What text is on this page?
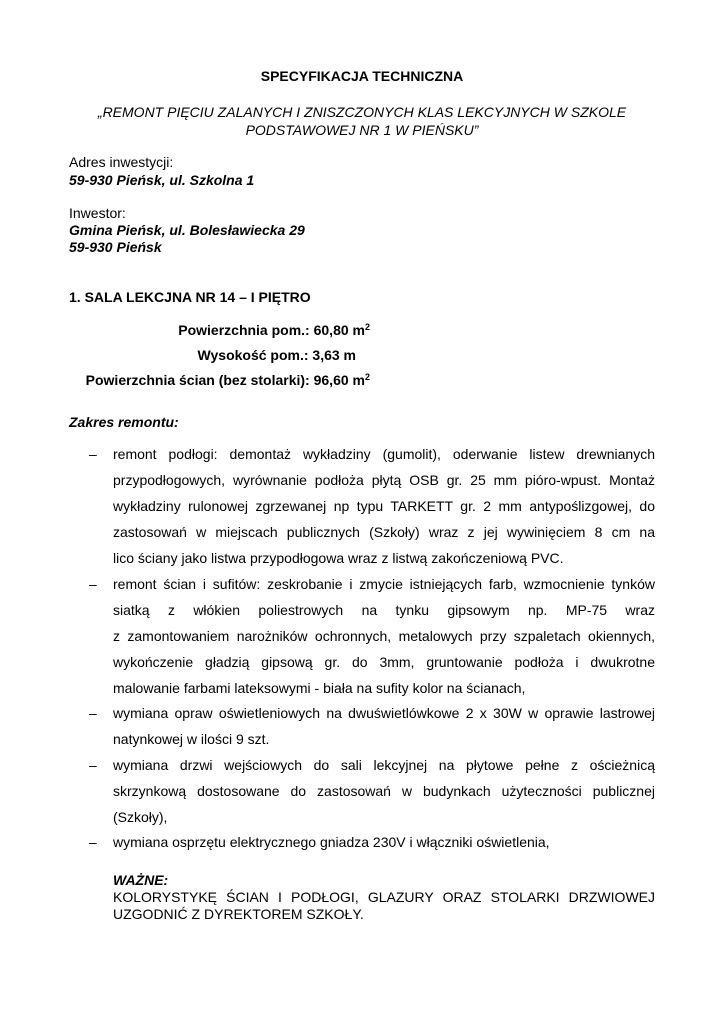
SPECYFIKACJA TECHNICZNA
„REMONT PIĘCIU ZALANYCH I ZNISZCZONYCH KLAS LEKCYJNYCH W SZKOLE
PODSTAWOWEJ NR 1 W PIEŃSKU”
Adres inwestycji:
59-930 Pieńsk, ul. Szkolna 1
Inwestor:
Gmina Pieńsk, ul. Bolesławiecka 29
59-930 Pieńsk
1. SALA LEKCJNA NR 14 – I PIĘTRO
Powierzchnia pom.: 60,80 $m^2$
Wysokość pom.: 3,63 m
Powierzchnia ścian (bez stolarki): 96,60 $m^2$
Zakres remontu:
– remont podłogi: demontaż wykładziny (gumolit), oderwanie listew drewnianych
przypodłogowych, wyrównanie podłoża płytą OSB gr. 25 mm pióro-wpust. Montaż
wykładziny rulonowej zgrzewanej np typu TARKETT gr. 2 mm antypoślizgowej, do
zastosowań w miejscach publicznych (Szkoły) wraz z jej wywinięciem 8 cm na
lico ściany jako listwa przypodłogowa wraz z listwą zakończeniową PVC.
– remont ścian i sufitów: zeskrobanie i zmycie istniejących farb, wzmocnienie tynków
siatką z włókien poliestrowych na tynku gipsowym np. MP-75 wraz
z zamontowaniem narożników ochronnych, metalowych przy szpaletach okiennych,
wykończenie gładzią gipsową gr. do 3mm, gruntowanie podłoża i dwukrotne
malowanie farbami lateksowymi - biała na sufity kolor na ścianach,
– wymiana opraw oświetleniowych na dwuświetlówkowe 2 x 30W w oprawie lastrowej
natynkowej w ilości 9 szt.
– wymiana drzwi wejściowych do sali lekcyjnej na płytowe pełne z ościeżnicą
skrzynkową dostosowane do zastosowań w budynkach użyteczności publicznej
(Szkoły),
– wymiana osprzętu elektrycznego gniadza 230V i włączniki oświetlenia,
WAŻNE:
KOLORYSTYKĘ ŚCIAN I PODŁOGI, GLAZURY ORAZ STOLARKI DRZWIOWEJ
UZGODNIĆ Z DYREKTOREM SZKOŁY.
